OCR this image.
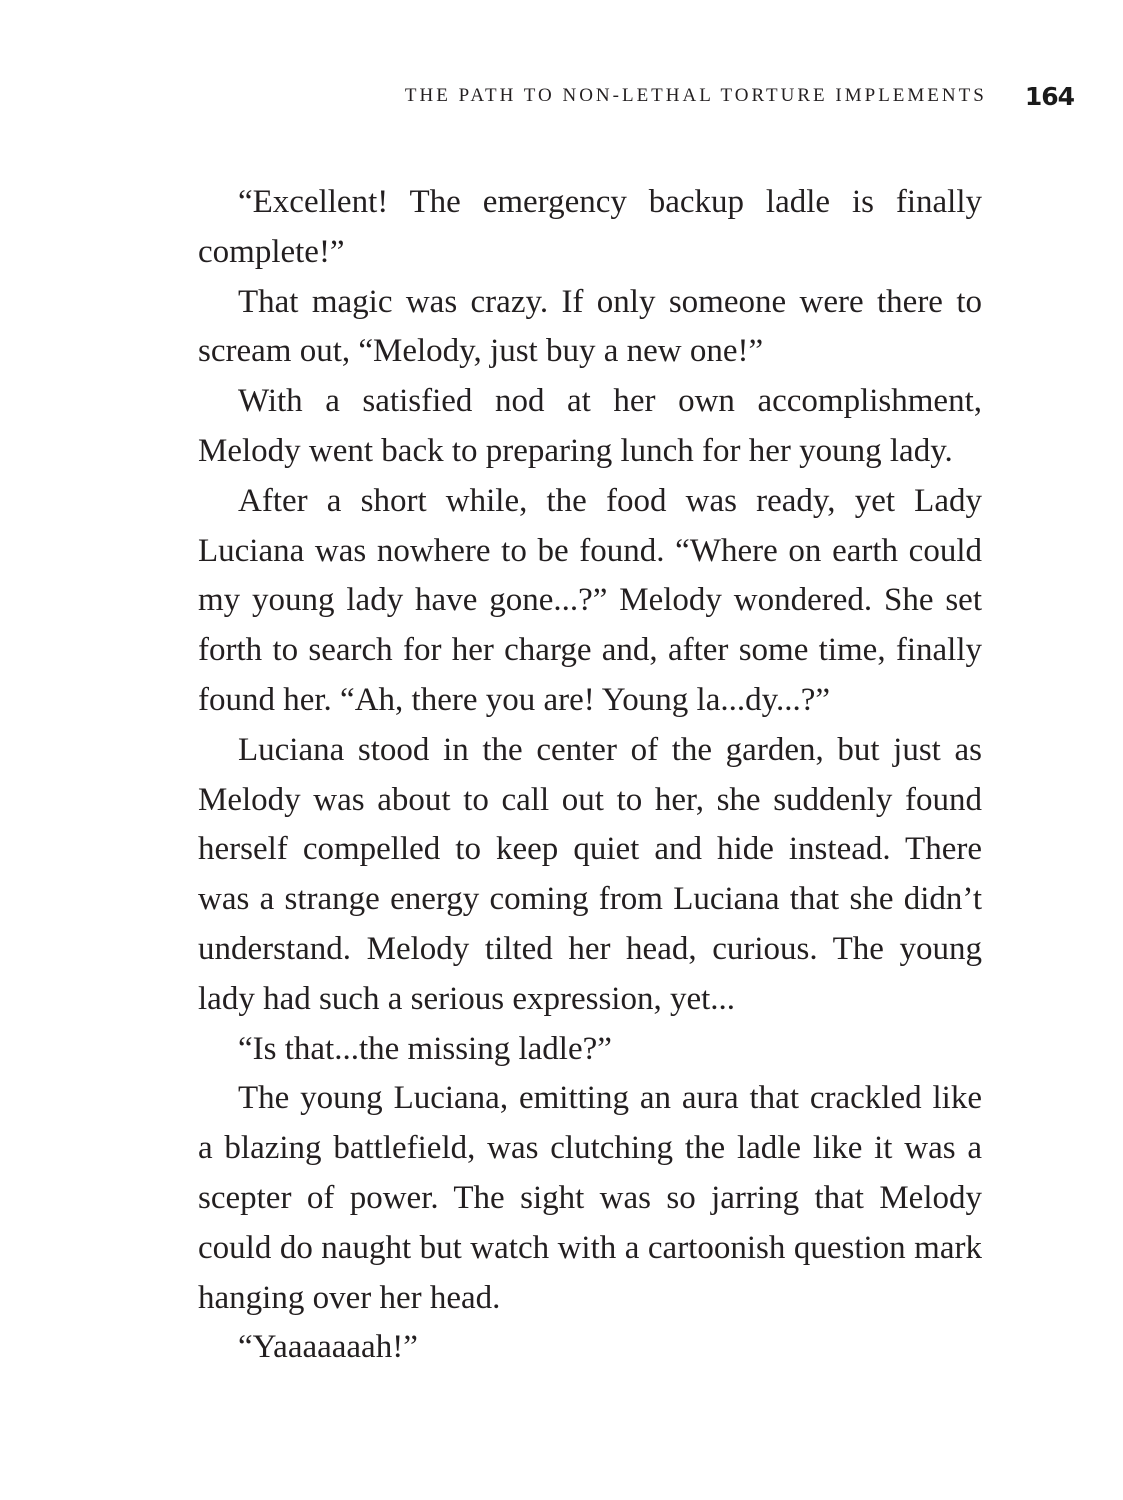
THE PATH TO NON-LETHAL TORTURE IMPLEMENTS 164

“Excellent! The emergency backup ladle is finally complete!”

That magic was crazy. If only someone were there to scream out, “Melody, just buy a new one!”

With a satisfied nod at her own accomplishment, Melody went back to preparing lunch for her young lady.

After a short while, the food was ready, yet Lady Luciana was nowhere to be found. “Where on earth could my young lady have gone...?” Melody wondered. She set forth to search for her charge and, after some time, finally found her. “Ah, there you are! Young la...dy...?”

Luciana stood in the center of the garden, but just as Melody was about to call out to her, she suddenly found herself compelled to keep quiet and hide instead. There was a strange energy coming from Luciana that she didn’t understand. Melody tilted her head, curious. The young lady had such a serious expression, yet...

“Is that...the missing ladle?”

The young Luciana, emitting an aura that crackled like a blazing battlefield, was clutching the ladle like it was a scepter of power. The sight was so jarring that Melody could do naught but watch with a cartoonish question mark hanging over her head.

“Yaaaaaaah!”
